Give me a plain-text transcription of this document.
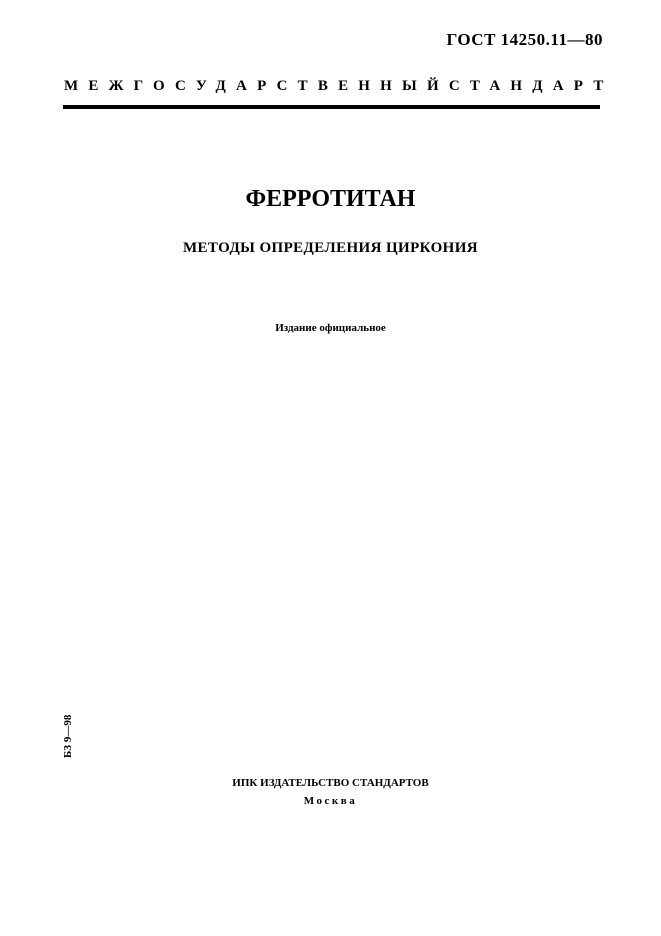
ГОСТ 14250.11—80
МЕЖГОСУДАРСТВЕННЫЙ СТАНДАРТ
ФЕРРОТИТАН
МЕТОДЫ ОПРЕДЕЛЕНИЯ ЦИРКОНИЯ
Издание официальное
БЗ 9—98
ИПК ИЗДАТЕЛЬСТВО СТАНДАРТОВ
Москва
